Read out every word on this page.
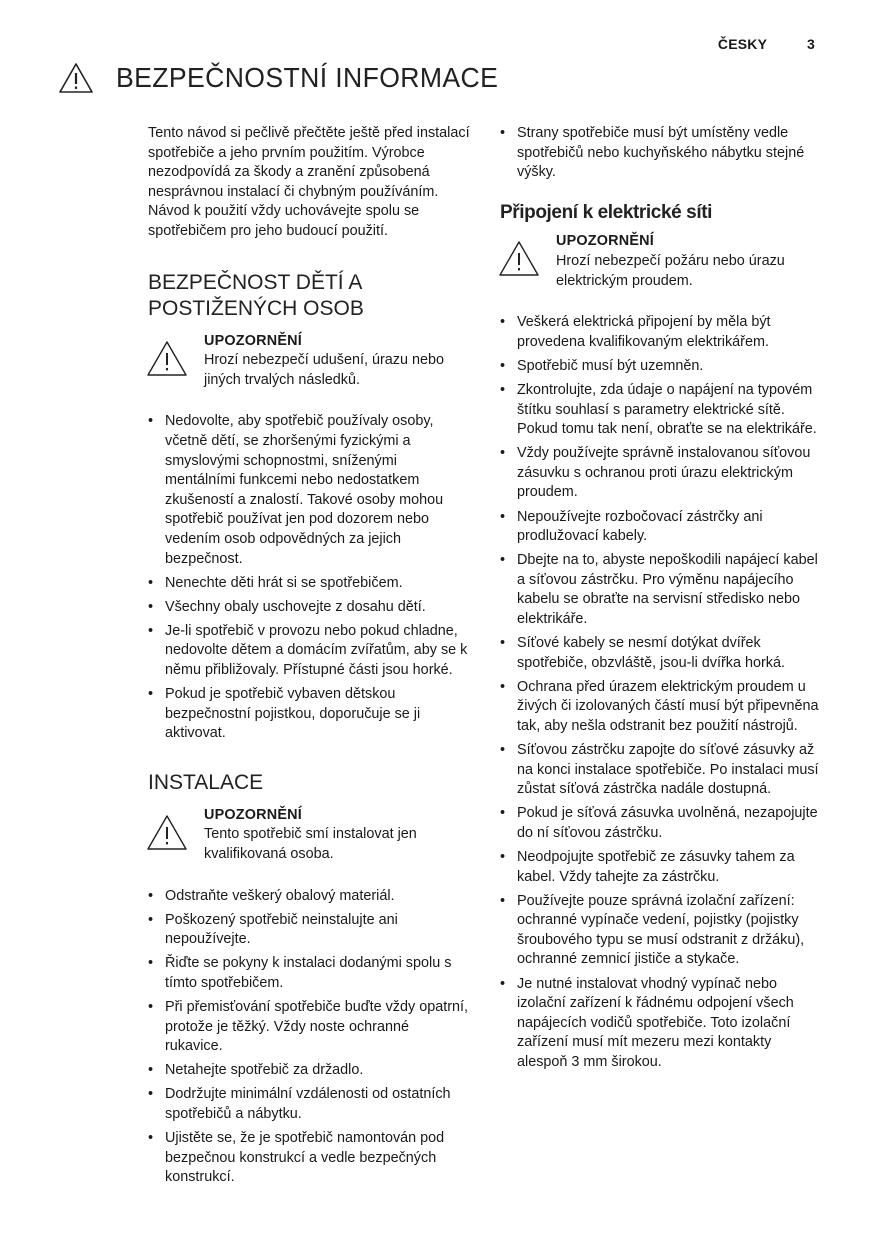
ČESKY	3
BEZPEČNOSTNÍ INFORMACE

Tento návod si pečlivě přečtěte ještě před instalací spotřebiče a jeho prvním použitím. Výrobce nezodpovídá za škody a zranění způsobená nesprávnou instalací či chybným používáním. Návod k použití vždy uchovávejte spolu se spotřebičem pro jeho budoucí použití.

BEZPEČNOST DĚTÍ A POSTIŽENÝCH OSOB
UPOZORNĚNÍ
Hrozí nebezpečí udušení, úrazu nebo jiných trvalých následků.
• Nedovolte, aby spotřebič používaly osoby, včetně dětí, se zhoršenými fyzickými a smyslovými schopnostmi, sníženými mentálními funkcemi nebo nedostatkem zkušeností a znalostí. Takové osoby mohou spotřebič používat jen pod dozorem nebo vedením osob odpovědných za jejich bezpečnost.
• Nenechte děti hrát si se spotřebičem.
• Všechny obaly uschovejte z dosahu dětí.
• Je-li spotřebič v provozu nebo pokud chladne, nedovolte dětem a domácím zvířatům, aby se k němu přibližovaly. Přístupné části jsou horké.
• Pokud je spotřebič vybaven dětskou bezpečnostní pojistkou, doporučuje se ji aktivovat.
INSTALACE
UPOZORNĚNÍ
Tento spotřebič smí instalovat jen kvalifikovaná osoba.
• Odstraňte veškerý obalový materiál.
• Poškozený spotřebič neinstalujte ani nepoužívejte.
• Řiďte se pokyny k instalaci dodanými spolu s tímto spotřebičem.
• Při přemisťování spotřebiče buďte vždy opatrní, protože je těžký. Vždy noste ochranné rukavice.
• Netahejte spotřebič za držadlo.
• Dodržujte minimální vzdálenosti od ostatních spotřebičů a nábytku.
• Ujistěte se, že je spotřebič namontován pod bezpečnou konstrukcí a vedle bezpečných konstrukcí.
• Strany spotřebiče musí být umístěny vedle spotřebičů nebo kuchyňského nábytku stejné výšky.
Připojení k elektrické síti
UPOZORNĚNÍ
Hrozí nebezpečí požáru nebo úrazu elektrickým proudem.
• Veškerá elektrická připojení by měla být provedena kvalifikovaným elektrikářem.
• Spotřebič musí být uzemněn.
• Zkontrolujte, zda údaje o napájení na typovém štítku souhlasí s parametry elektrické sítě. Pokud tomu tak není, obraťte se na elektrikáře.
• Vždy používejte správně instalovanou síťovou zásuvku s ochranou proti úrazu elektrickým proudem.
• Nepoužívejte rozbočovací zástrčky ani prodlužovací kabely.
• Dbejte na to, abyste nepoškodili napájecí kabel a síťovou zástrčku. Pro výměnu napájecího kabelu se obraťte na servisní středisko nebo elektrikáře.
• Síťové kabely se nesmí dotýkat dvířek spotřebiče, obzvláště, jsou-li dvířka horká.
• Ochrana před úrazem elektrickým proudem u živých či izolovaných částí musí být připevněna tak, aby nešla odstranit bez použití nástrojů.
• Síťovou zástrčku zapojte do síťové zásuvky až na konci instalace spotřebiče. Po instalaci musí zůstat síťová zástrčka nadále dostupná.
• Pokud je síťová zásuvka uvolněná, nezapojujte do ní síťovou zástrčku.
• Neodpojujte spotřebič ze zásuvky tahem za kabel. Vždy tahejte za zástrčku.
• Používejte pouze správná izolační zařízení: ochranné vypínače vedení, pojistky (pojistky šroubového typu se musí odstranit z držáku), ochranné zemnicí jističe a stykače.
• Je nutné instalovat vhodný vypínač nebo izolační zařízení k řádnému odpojení všech napájecích vodičů spotřebiče. Toto izolační zařízení musí mít mezeru mezi kontakty alespoň 3 mm širokou.
